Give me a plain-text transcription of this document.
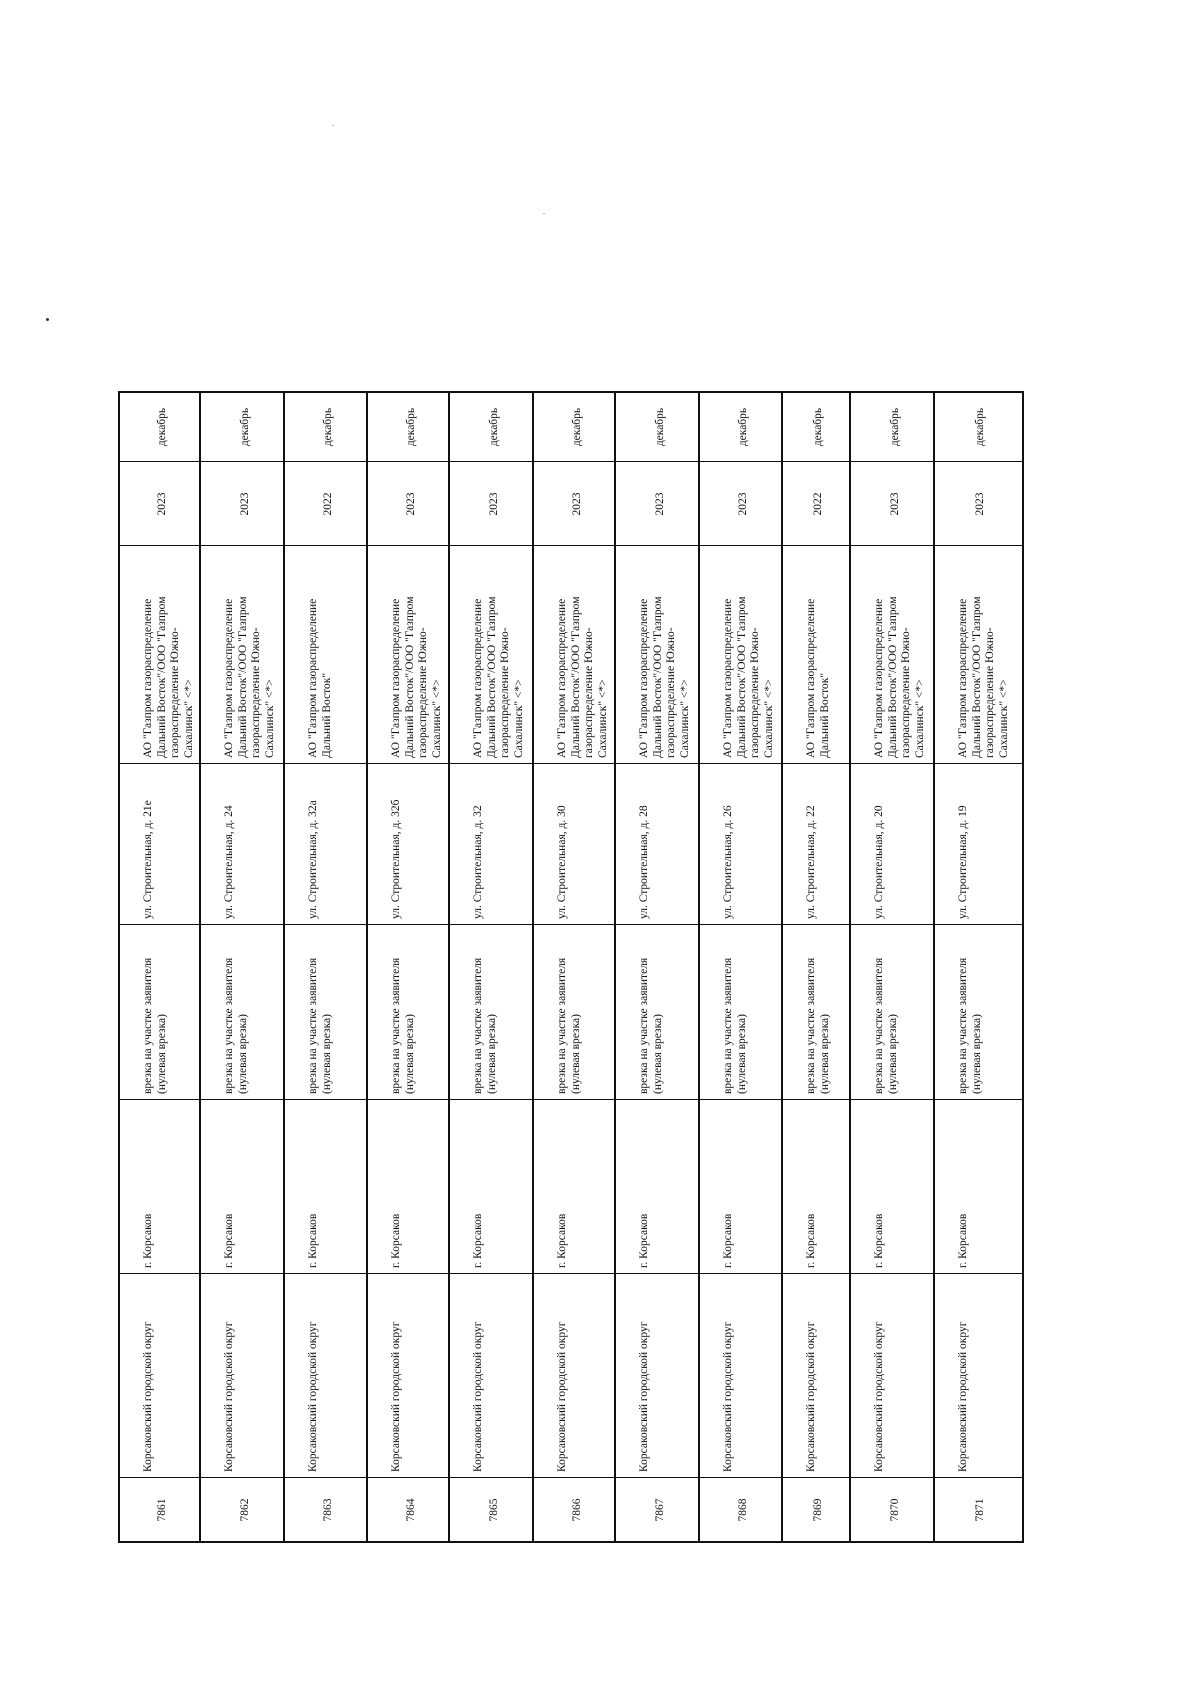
декабрь
2023
АО "Газпром газораспределение Дальний Восток"/ООО "Газпром газораспределение Южно- Сахалинск" <*>
ул. Строительная, д. 21е
врезка на участке заявителя (нулевая врезка)
г. Корсаков
Корсаковский городской округ
7861
декабрь
2023
АО "Газпром газораспределение Дальний Восток"/ООО "Газпром газораспределение Южно- Сахалинск" <*>
ул. Строительная, д. 24
врезка на участке заявителя (нулевая врезка)
г. Корсаков
Корсаковский городской округ
7862
декабрь
2022
АО "Газпром газораспределение Дальний Восток"
ул. Строительная, д. 32а
врезка на участке заявителя (нулевая врезка)
г. Корсаков
Корсаковский городской округ
7863
декабрь
2023
АО "Газпром газораспределение Дальний Восток"/ООО "Газпром газораспределение Южно- Сахалинск" <*>
ул. Строительная, д. 32б
врезка на участке заявителя (нулевая врезка)
г. Корсаков
Корсаковский городской округ
7864
декабрь
2023
АО "Газпром газораспределение Дальний Восток"/ООО "Газпром газораспределение Южно- Сахалинск" <*>
ул. Строительная, д. 32
врезка на участке заявителя (нулевая врезка)
г. Корсаков
Корсаковский городской округ
7865
декабрь
2023
АО "Газпром газораспределение Дальний Восток"/ООО "Газпром газораспределение Южно- Сахалинск" <*>
ул. Строительная, д. 30
врезка на участке заявителя (нулевая врезка)
г. Корсаков
Корсаковский городской округ
7866
декабрь
2023
АО "Газпром газораспределение Дальний Восток"/ООО "Газпром газораспределение Южно- Сахалинск" <*>
ул. Строительная, д. 28
врезка на участке заявителя (нулевая врезка)
г. Корсаков
Корсаковский городской округ
7867
декабрь
2023
АО "Газпром газораспределение Дальний Восток"/ООО "Газпром газораспределение Южно- Сахалинск" <*>
ул. Строительная, д. 26
врезка на участке заявителя (нулевая врезка)
г. Корсаков
Корсаковский городской округ
7868
декабрь
2022
АО "Газпром газораспределение Дальний Восток"
ул. Строительная, д. 22
врезка на участке заявителя (нулевая врезка)
г. Корсаков
Корсаковский городской округ
7869
декабрь
2023
АО "Газпром газораспределение Дальний Восток"/ООО "Газпром газораспределение Южно- Сахалинск" <*>
ул. Строительная, д. 20
врезка на участке заявителя (нулевая врезка)
г. Корсаков
Корсаковский городской округ
7870
декабрь
2023
АО "Газпром газораспределение Дальний Восток"/ООО "Газпром газораспределение Южно- Сахалинск" <*>
ул. Строительная, д. 19
врезка на участке заявителя (нулевая врезка)
г. Корсаков
Корсаковский городской округ
7871
